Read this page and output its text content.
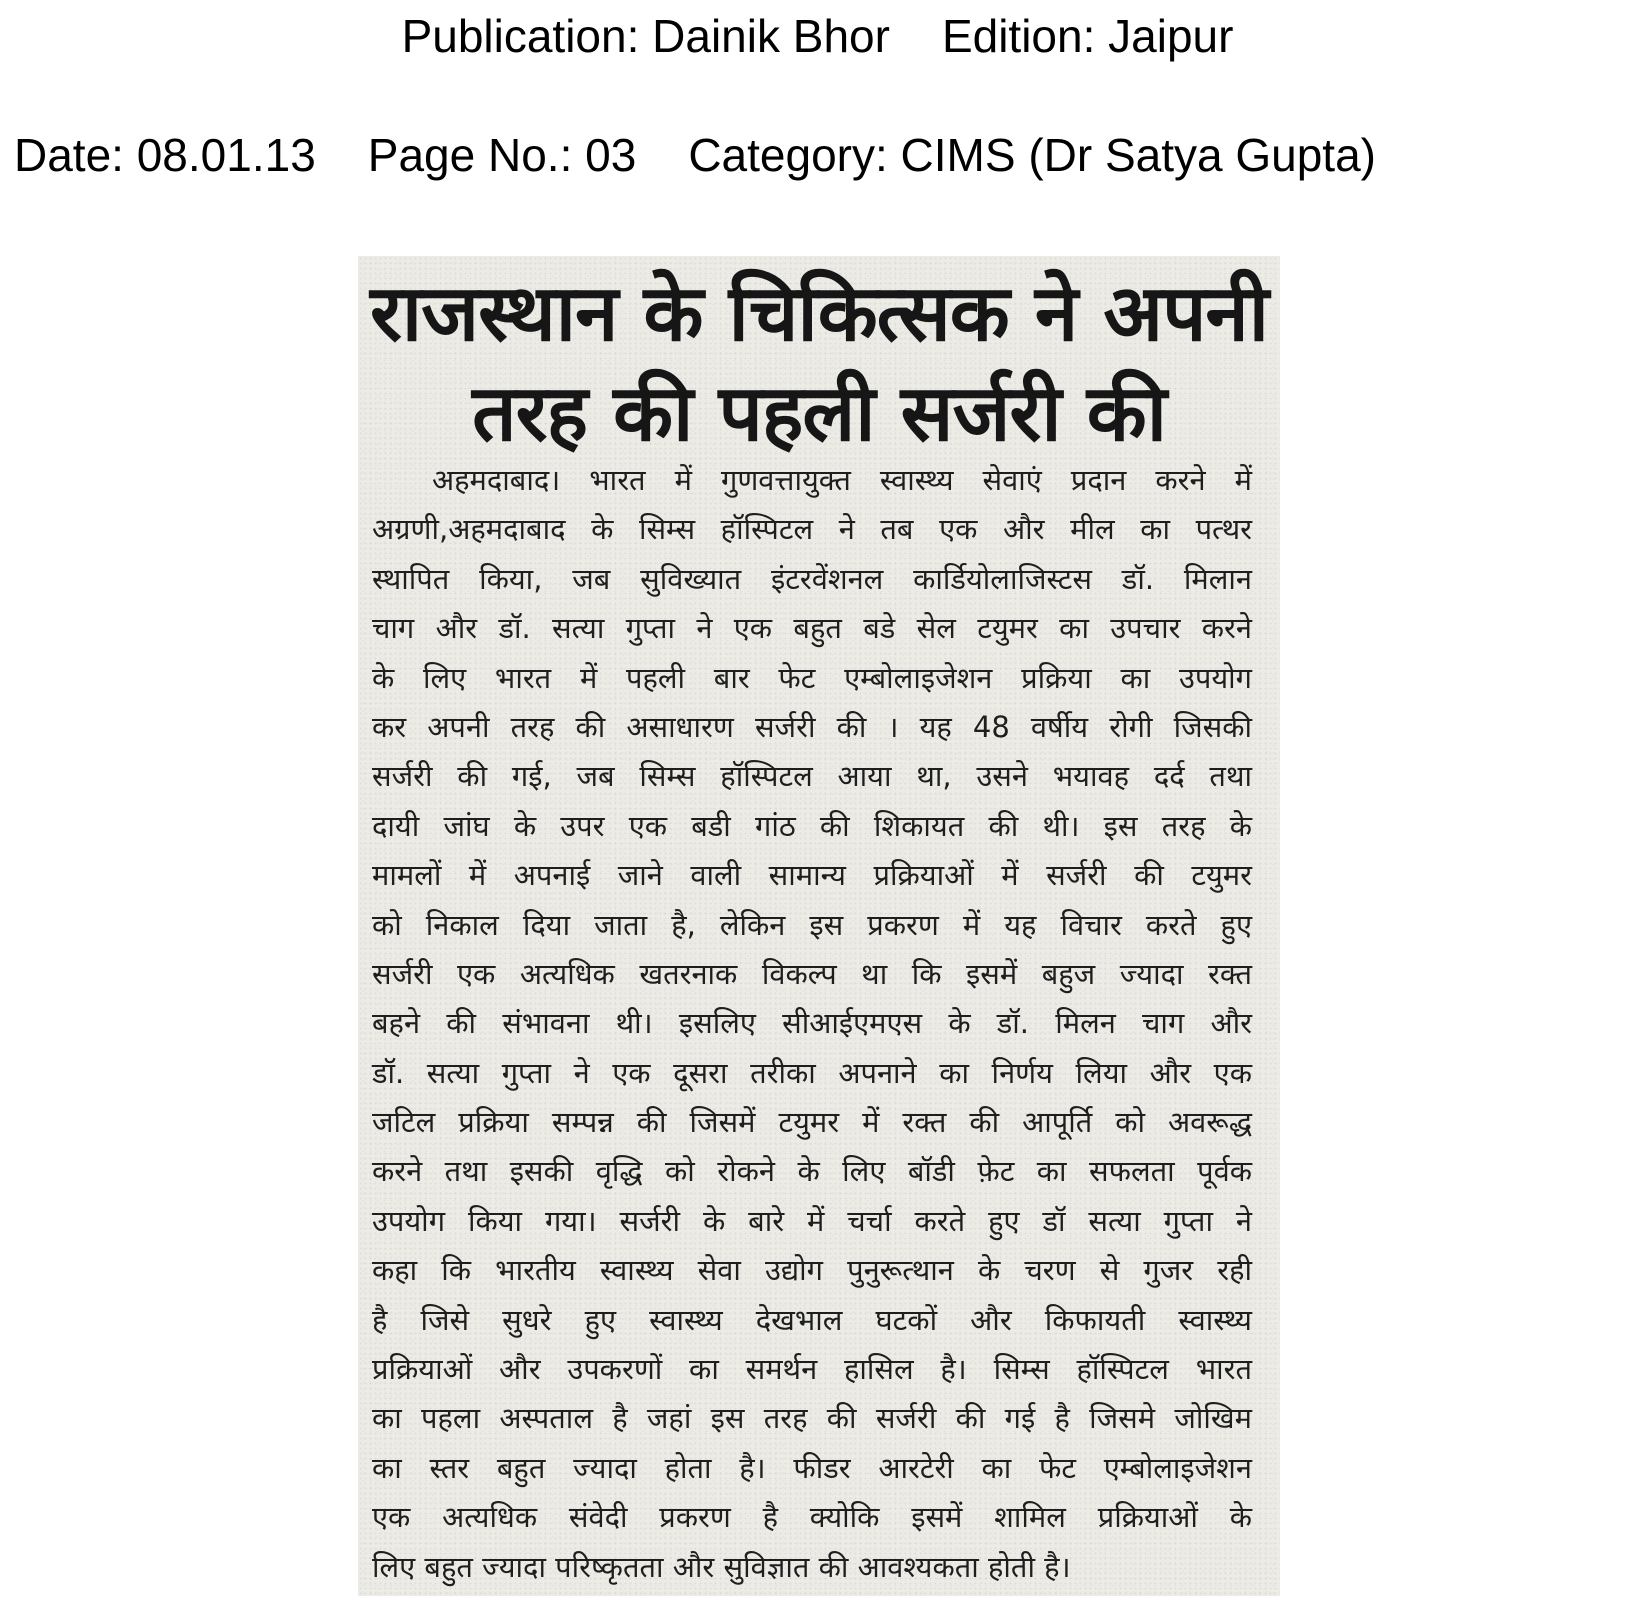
Publication: Dainik Bhor Edition: Jaipur
Date: 08.01.13 Page No.: 03 Category: CIMS (Dr Satya Gupta)
राजस्थान के चिकित्सक ने अपनी
तरह की पहली सर्जरी की
अहमदाबाद। भारत में गुणवत्तायुक्त स्वास्थ्य सेवाएं प्रदान करने में
अग्रणी,अहमदाबाद के सिम्स हॉस्पिटल ने तब एक और मील का पत्थर
स्थापित किया, जब सुविख्यात इंटरवेंशनल कार्डियोलाजिस्टस डॉ. मिलान
चाग और डॉ. सत्या गुप्ता ने एक बहुत बडे सेल टयुमर का उपचार करने
के लिए भारत में पहली बार फेट एम्बोलाइजेशन प्रक्रिया का उपयोग
कर अपनी तरह की असाधारण सर्जरी की । यह 48 वर्षीय रोगी जिसकी
सर्जरी की गई, जब सिम्स हॉस्पिटल आया था, उसने भयावह दर्द तथा
दायी जांघ के उपर एक बडी गांठ की शिकायत की थी। इस तरह के
मामलों में अपनाई जाने वाली सामान्य प्रक्रियाओं में सर्जरी की टयुमर
को निकाल दिया जाता है, लेकिन इस प्रकरण में यह विचार करते हुए
सर्जरी एक अत्यधिक खतरनाक विकल्प था कि इसमें बहुज ज्यादा रक्त
बहने की संभावना थी। इसलिए सीआईएमएस के डॉ. मिलन चाग और
डॉ. सत्या गुप्ता ने एक दूसरा तरीका अपनाने का निर्णय लिया और एक
जटिल प्रक्रिया सम्पन्न की जिसमें टयुमर में रक्त की आपूर्ति को अवरूद्ध
करने तथा इसकी वृद्धि को रोकने के लिए बॉडी फ़ेट का सफलता पूर्वक
उपयोग किया गया। सर्जरी के बारे में चर्चा करते हुए डॉ सत्या गुप्ता ने
कहा कि भारतीय स्वास्थ्य सेवा उद्योग पुनुरूत्थान के चरण से गुजर रही
है जिसे सुधरे हुए स्वास्थ्य देखभाल घटकों और किफायती स्वास्थ्य
प्रक्रियाओं और उपकरणों का समर्थन हासिल है। सिम्स हॉस्पिटल भारत
का पहला अस्पताल है जहां इस तरह की सर्जरी की गई है जिसमे जोखिम
का स्तर बहुत ज्यादा होता है। फीडर आरटेरी का फेट एम्बोलाइजेशन
एक अत्यधिक संवेदी प्रकरण है क्योकि इसमें शामिल प्रक्रियाओं के
लिए बहुत ज्यादा परिष्कृतता और सुविज्ञात की आवश्यकता होती है।
